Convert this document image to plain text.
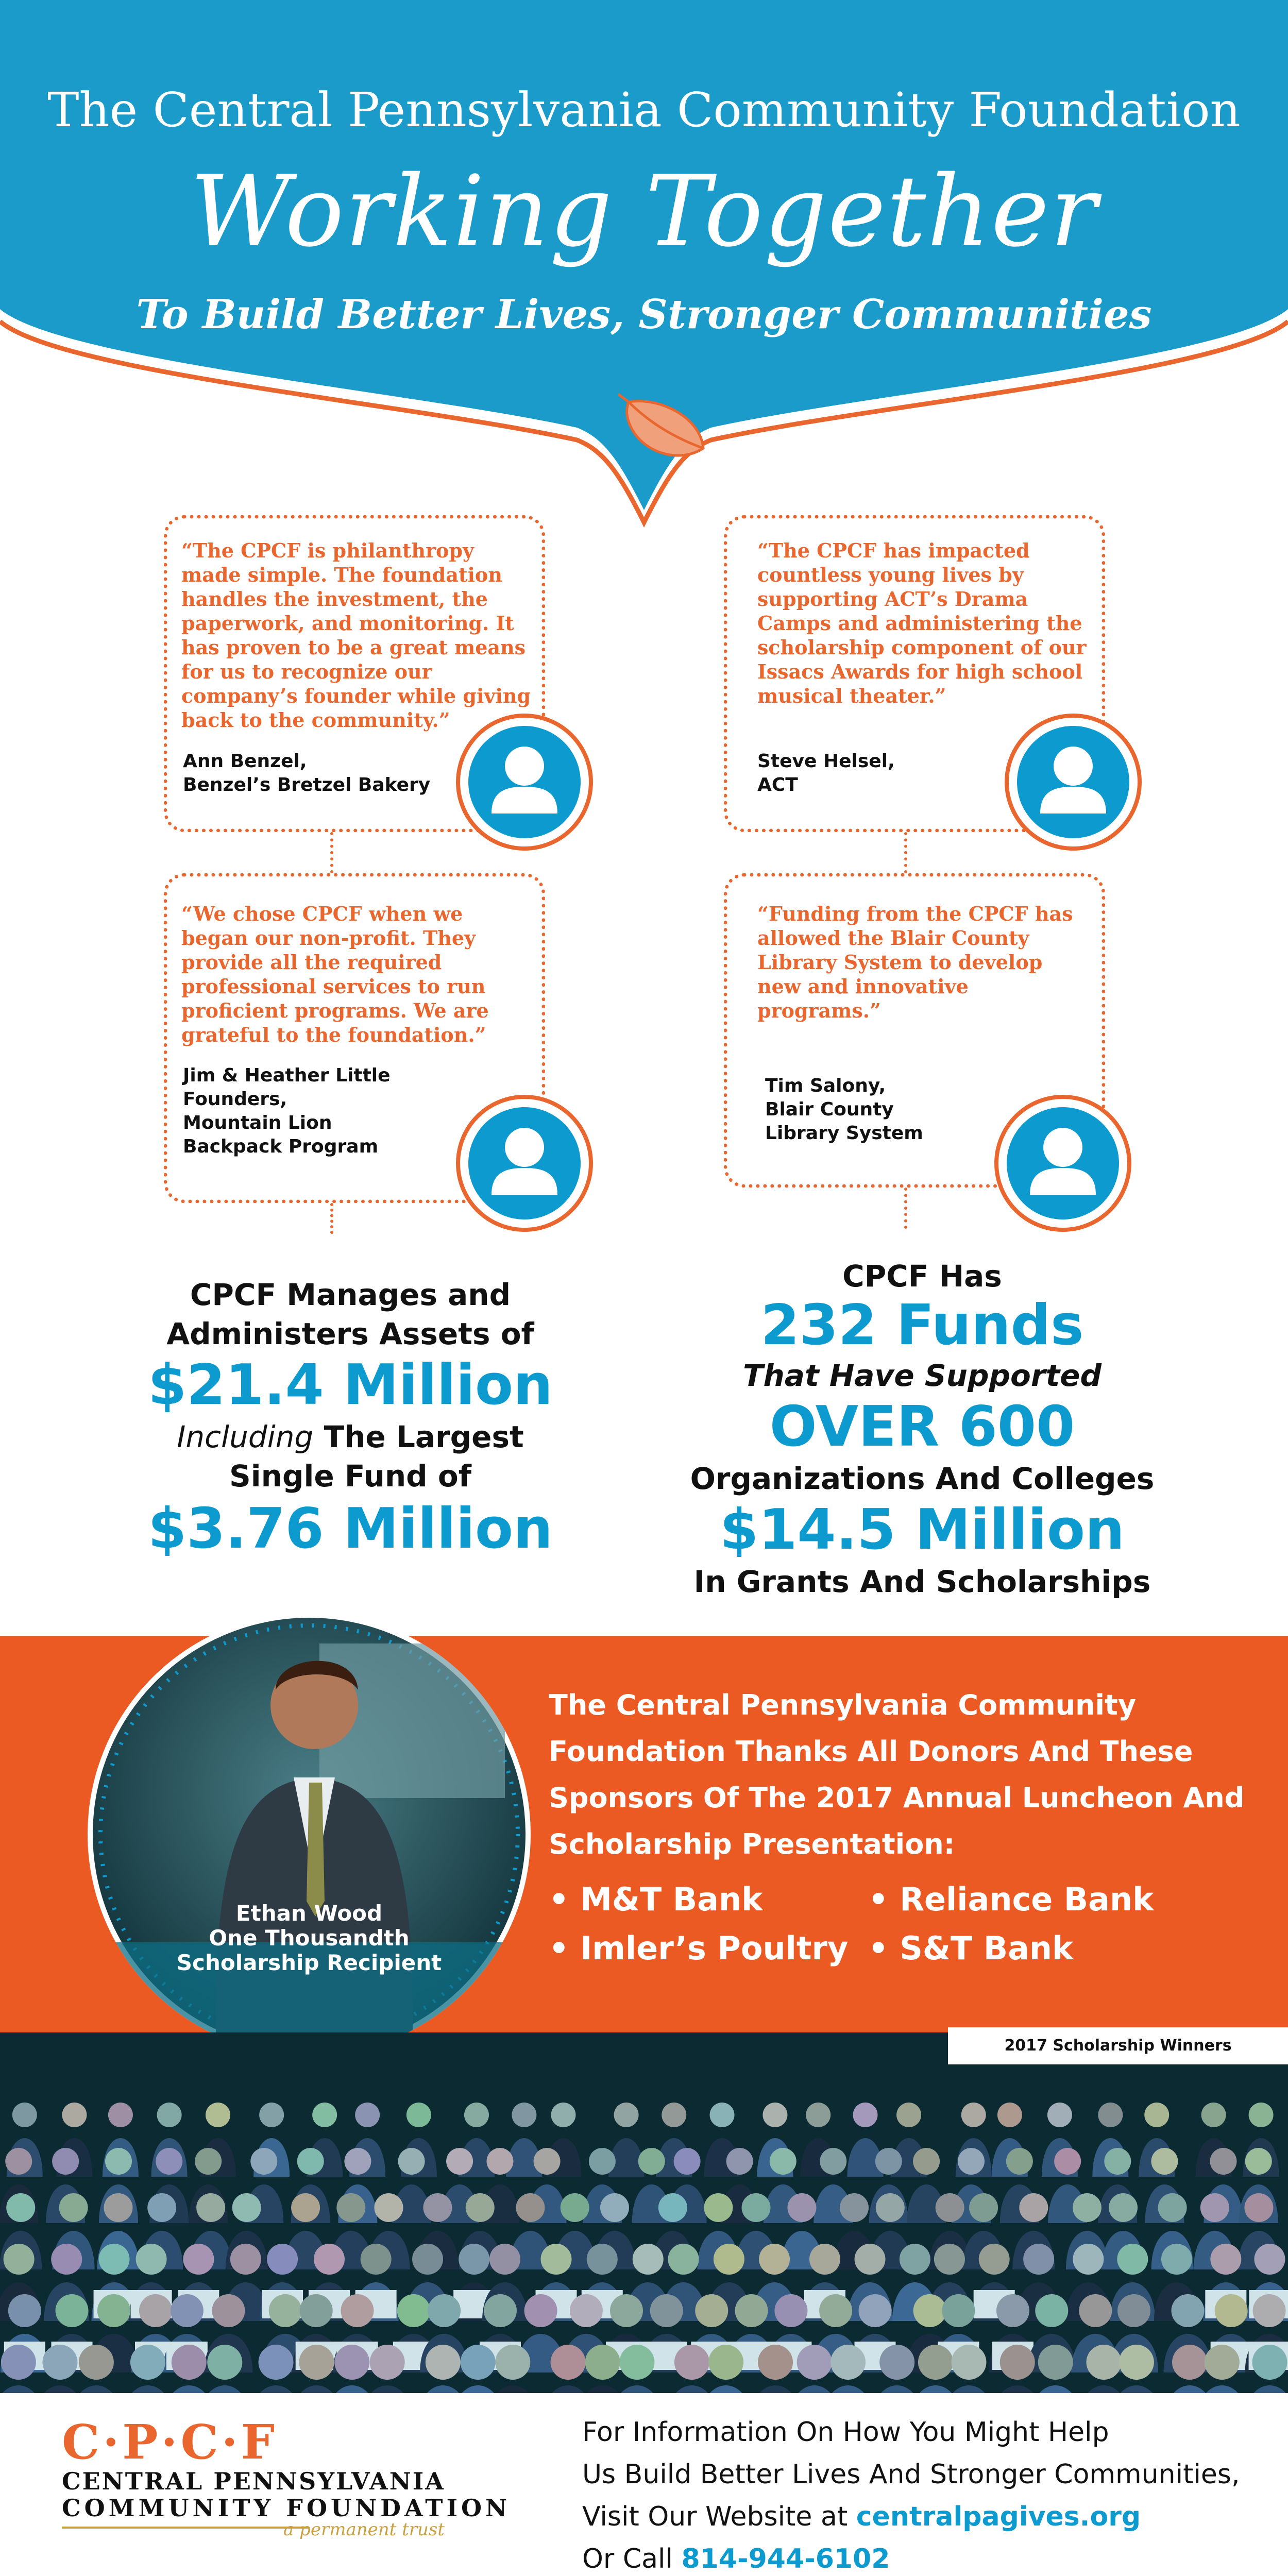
The Central Pennsylvania Community Foundation
Working Together
To Build Better Lives, Stronger Communities
“The CPCF is philanthropy made simple. The foundation handles the investment, the paperwork, and monitoring. It has proven to be a great means for us to recognize our company’s founder while giving back to the community.”
Ann Benzel,
Benzel’s Bretzel Bakery
“The CPCF has impacted countless young lives by supporting ACT’s Drama Camps and administering the scholarship component of our Issacs Awards for high school musical theater.”
Steve Helsel,
ACT
“We chose CPCF when we began our non-profit. They provide all the required professional services to run proficient programs. We are grateful to the foundation.”
Jim & Heather Little
Founders,
Mountain Lion
Backpack Program
“Funding from the CPCF has allowed the Blair County Library System to develop new and innovative programs.”
Tim Salony,
Blair County
Library System
CPCF Manages and
Administers Assets of
$21.4 Million
Including The Largest
Single Fund of
$3.76 Million
CPCF Has
232 Funds
That Have Supported
OVER 600
Organizations And Colleges
$14.5 Million
In Grants And Scholarships
Ethan Wood
One Thousandth
Scholarship Recipient
The Central Pennsylvania Community Foundation Thanks All Donors And These Sponsors Of The 2017 Annual Luncheon And Scholarship Presentation:
• M&T Bank	• Reliance Bank
• Imler’s Poultry • S&T Bank
2017 Scholarship Winners
C·P·C·F
CENTRAL PENNSYLVANIA
COMMUNITY FOUNDATION
a permanent trust
For Information On How You Might Help
Us Build Better Lives And Stronger Communities,
Visit Our Website at centralpagives.org
Or Call 814-944-6102
